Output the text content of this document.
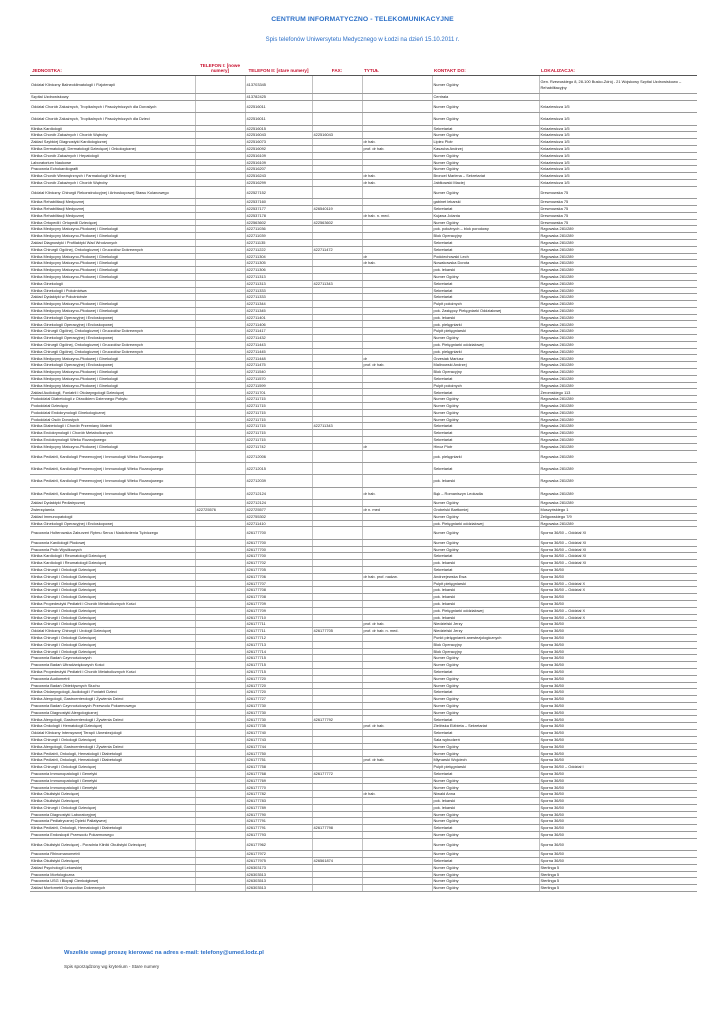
CENTRUM INFORMATYCZNO - TELEKOMUNIKACYJNE
Spis telefonów Uniwersytetu Medycznego w Łodzi na dzień 15.10.2011 r.
JEDNOSTKA:	TELEFON I: [nowe numery]	TELEFON II: [stare numery]	FAX:	TYTUŁ	KONTAKT DO:	LOKALIZACJA:
Oddział Kliniczny Balneoklimatologii i Fizjoterapii		413703345			Numer Ogólny	Gen. Rzewuskiego 8, 28-100 Busko-Zdrój - 21 Wojskowy Szpital Uzdrowiskowo – Rehabilitacyjny
Szpital Uzdrowiskowy		413782425			Centrala	
Oddział Chorób Zakaźnych, Tropikalnych i Pasożytniczych dla Dorosłych		422516011			Numer Ogólny	Kniaziewicza 1/5
Oddział Chorób Zakaźnych, Tropikalnych i Pasożytniczych dla Dzieci		422516011			Numer Ogólny	Kniaziewicza 1/5
Klinika Kardiologii		422516015			Sekretariat	Kniaziewicza 1/5
Klinika Chorób Zakaźnych i Chorób Wątroby		422516043	422516043		Numer Ogólny	Kniaziewicza 1/5
Zakład Szybkiej Diagnostyki Kardiologicznej		422516073		dr hab.	Lipiec Piotr	Kniaziewicza 1/5
Klinika Dermatologii, Dermatologii Dziecięcej i Onkologicznej		422516092		prof. dr hab.	Kaszuba Andrzej	Kniaziewicza 1/5
Klinika Chorób Zakaźnych i Hepatologii		422516109			Numer Ogólny	Kniaziewicza 1/5
Laboratorium Naukowe		422516109			Numer Ogólny	Kniaziewicza 1/5
Pracownia Echokardiografii		422516207			Numer Ogólny	Kniaziewicza 1/5
Klinika Chorób Wewnętrznych i Farmakologii Klinicznej		422516243		dr hab.	Broncel Marlena – Sekretariat	Kniaziewicza 1/5
Klinika Chorób Zakaźnych i Chorób Wątroby		422516299		dr hab.	Jabłkowski Maciej	Kniaziewicza 1/5
Oddział Kliniczny Chirurgii Rekonstrukcyjnej i Artroskopowej Stawu Kolanowego		422527152			Numer Ogólny	Drewnowska 75
Klinika Rehabilitacji Medycznej		422537160			gabinet lekarski	Drewnowska 75
Klinika Rehabilitacji Medycznej		422537177	426540119		Sekretariat	Drewnowska 75
Klinika Rehabilitacji Medycznej		422537178		dr hab. n. med.	Kujawa Jolanta	Drewnowska 75
Klinika Ortopedii i Ortopedii Dziecięcej		422563602	422563602		Numer Ogólny	Drewnowska 75
Klinika Medycyny Matczyno-Płodowej i Ginekologii		422711036			pok. położnych – blok porodowy	Rzgowska 281/289
Klinika Medycyny Matczyno-Płodowej i Ginekologii		422711039			Blok Operacyjny	Rzgowska 281/289
Zakład Diagnostyki i Profilaktyki Wad Wrodzonych		422711135			Sekretariat	Rzgowska 281/289
Klinika Chirurgii Ogólnej, Onkologicznej i Gruczołów Dokrewnych		422711222	422711472		Sekretariat	Rzgowska 281/289
Klinika Medycyny Matczyno-Płodowej i Ginekologii		422711304		dr	Podciechowski Lech	Rzgowska 281/289
Klinika Medycyny Matczyno-Płodowej i Ginekologii		422711305		dr hab.	Nowakowska Dorota	Rzgowska 281/289
Klinika Medycyny Matczyno-Płodowej i Ginekologii		422711306			pok. lekarski	Rzgowska 281/289
Klinika Medycyny Matczyno-Płodowej i Ginekologii		422711313			Numer Ogólny	Rzgowska 281/289
Klinika Ginekologii		422711313	422711343		Sekretariat	Rzgowska 281/289
Klinika Ginekologii i Położnictwa		422711333			Sekretariat	Rzgowska 281/289
Zakład Dydaktyki w Położnictwie		422711333			Sekretariat	Rzgowska 281/289
Klinika Medycyny Matczyno-Płodowej i Ginekologii		422711344			Pulpit położnych	Rzgowska 281/289
Klinika Medycyny Matczyno-Płodowej i Ginekologii		422711345			pok. Zastępcy Pielęgniarki Oddziałowej	Rzgowska 281/289
Klinika Ginekologii Operacyjnej i Endoskopowej		422711401			pok. lekarski	Rzgowska 281/289
Klinika Ginekologii Operacyjnej i Endoskopowej		422711406			pok. pielęgniarki	Rzgowska 281/289
Klinika Chirurgii Ogólnej, Onkologicznej i Gruczołów Dokrewnych		422711417			Pulpit pielęgniarski	Rzgowska 281/289
Klinika Ginekologii Operacyjnej i Endoskopowej		422711432			Numer Ogólny	Rzgowska 281/289
Klinika Chirurgii Ogólnej, Onkologicznej i Gruczołów Dokrewnych		422711443			pok. Pielęgniarki oddziałowej	Rzgowska 281/289
Klinika Chirurgii Ogólnej, Onkologicznej i Gruczołów Dokrewnych		422711445			pok. pielęgniarki	Rzgowska 281/289
Klinika Medycyny Matczyno-Płodowej i Ginekologii		422711448		dr	Grzesiak Mariusz	Rzgowska 281/289
Klinika Ginekologii Operacyjnej i Endoskopowej		422711475		prof. dr hab.	Malinowski Andrzej	Rzgowska 281/289
Klinika Medycyny Matczyno-Płodowej i Ginekologii		422711540			Blok Operacyjny	Rzgowska 281/289
Klinika Medycyny Matczyno-Płodowej i Ginekologii		422711570			Sekretariat	Rzgowska 281/289
Klinika Medycyny Matczyno-Płodowej i Ginekologii		422711599			Pulpit położnych	Rzgowska 281/289
Zakład Audiologii, Foniatrii i Otolaryngologii Dziecięcej		422711701			Sekretariat	Żeromskiego 113
Pododdział Diabetologii z Ośrodkiem Dziennego Pobytu		422711715			Numer Ogólny	Rzgowska 281/289
Pododdział Dziecięcy		422711715			Numer Ogólny	Rzgowska 281/289
Pododdział Endokrynologii Ginekologicznej		422711715			Numer Ogólny	Rzgowska 281/289
Pododdział Osób Dorosłych		422711715			Numer Ogólny	Rzgowska 281/289
Klinika Diabetologii i Chorób Przemiany Materii		422711715	422711343		Sekretariat	Rzgowska 281/289
Klinika Endokrynologii i Chorób Metabolicznych		422711715			Sekretariat	Rzgowska 281/289
Klinika Endokrynologii Wieku Rozwojowego		422711715			Sekretariat	Rzgowska 281/289
Klinika Medycyny Matczyno-Płodowej i Ginekologii		422711742		dr	Hincz Piotr	Rzgowska 281/289
Klinika Pediatrii, Kardiologii Prewencyjnej i Immunologii Wieku Rozwojowego		422712006			pok. pielęgniarki	Rzgowska 281/289
Klinika Pediatrii, Kardiologii Prewencyjnej i Immunologii Wieku Rozwojowego		422712015			Sekretariat	Rzgowska 281/289
Klinika Pediatrii, Kardiologii Prewencyjnej i Immunologii Wieku Rozwojowego		422712039			pok. lekarski	Rzgowska 281/289
Klinika Pediatrii, Kardiologii Prewencyjnej i Immunologii Wieku Rozwojowego		422712124		dr hab.	Bąk – Romaniszyn Leokadia	Rzgowska 281/289
Zakład Dydaktyki Pediatrycznej		422712124			Numer Ogólny	Rzgowska 281/289
Zwierzętarnia	422725576	422725577		dr n. med	Grobelski Bartłomiej	Muszyńskiego 1
Zakład Immunopatologii		422755302			Numer Ogólny	Żeligowskiego 7/9
Klinika Ginekologii Operacyjnej i Endoskopowej		422711410			pok. Pielęgniarki oddziałowej	Rzgowska 281/289
Pracownia Holterowska Zaburzeń Rytmu Serca i Nadciśnienia Tętniczego		426177700			Numer Ogólny	Sporna 36/50 – Oddział XI
Pracownia Kardiologii Płodowej		426177700			Numer Ogólny	Sporna 36/50 – Oddział XI
Pracownia Prób Wysiłkowych		426177700			Numer Ogólny	Sporna 36/50 – Oddział XI
Klinika Kardiologii i Reumatologii Dziecięcej		426177700			Sekretariat	Sporna 36/50 – Oddział XI
Klinika Kardiologii i Reumatologii Dziecięcej		426177702			pok. lekarski	Sporna 36/50 – Oddział XI
Klinika Chirurgii i Onkologii Dziecięcej		426177705			Sekretariat	Sporna 36/50
Klinika Chirurgii i Onkologii Dziecięcej		426177706		dr hab. prof. nadzw.	Andrzejewska Ewa	Sporna 36/50
Klinika Chirurgii i Onkologii Dziecięcej		426177707			Pulpit pielęgniarski	Sporna 36/50 – Oddział X
Klinika Chirurgii i Onkologii Dziecięcej		426177708			pok. lekarski	Sporna 36/50 – Oddział X
Klinika Chirurgii i Onkologii Dziecięcej		426177708			pok. lekarski	Sporna 36/50
Klinika Propedeutyki Pediatrii i Chorób Metabolicznych Kości		426177709			pok. lekarski	Sporna 36/50
Klinika Chirurgii i Onkologii Dziecięcej		426177709			pok. Pielęgniarki oddziałowej	Sporna 36/50 – Oddział X
Klinika Chirurgii i Onkologii Dziecięcej		426177710			pok. lekarski	Sporna 36/50 – Oddział X
Klinika Chirurgii i Onkologii Dziecięcej		426177711		prof. dr hab.	Niedzielski Jerzy	Sporna 36/50
Oddział Kliniczny Chirurgii i Urologii Dziecięcej		426177711	426177705	prof. dr hab. n. med.	Niedzielski Jerzy	Sporna 36/50
Klinika Chirurgii i Onkologii Dziecięcej		426177712			Punkt pielęgniarek anestezjologicznych	Sporna 36/50
Klinika Chirurgii i Onkologii Dziecięcej		426177713			Blok Operacyjny	Sporna 36/50
Klinika Chirurgii i Onkologii Dziecięcej		426177714			Blok Operacyjny	Sporna 36/50
Pracownia Badań Czynnościowych		426177715			Numer Ogólny	Sporna 36/50
Pracownia Badań Ultradźwiękowych Kości		426177715			Numer Ogólny	Sporna 36/50
Klinika Propedeutyki Pediatrii i Chorób Metabolicznych Kości		426177715			Sekretariat	Sporna 36/50
Pracownia Audiometrii		426177720			Numer Ogólny	Sporna 36/50
Pracownia Badań Obiektywnych Słuchu		426177720			Numer Ogólny	Sporna 36/50
Klinika Otolaryngologii, Audiologii i Foniatrii Dzieci		426177720			Sekretariat	Sporna 36/50
Klinika Alergologii, Gastroenterologii i Żywienia Dzieci		426177727			Numer Ogólny	Sporna 36/50
Pracownia Badań Czynnościowych Przewodu Pokarmowego		426177730			Numer Ogólny	Sporna 36/50
Pracownia Diagnostyki Alergologicznej		426177730			Numer Ogólny	Sporna 36/50
Klinika Alergologii, Gastroenterologii i Żywienia Dzieci		426177730	426177792		Sekretariat	Sporna 36/50
Klinika Onkologii i Hematologii Dziecięcej		426177735		prof. dr hab.	Zielińska Elżbieta – Sekretariat	Sporna 36/50
Oddział Kliniczny Intensywnej Terapii i Anestezjologii		426177740			Sekretariat	Sporna 36/50
Klinika Chirurgii i Onkologii Dziecięcej		426177743			Sala wybudzeń	Sporna 36/50
Klinika Alergologii, Gastroenterologii i Żywienia Dzieci		426177744			Numer Ogólny	Sporna 36/50
Klinika Pediatrii, Onkologii, Hematologii i Diabetologii		426177750			Numer Ogólny	Sporna 36/50
Klinika Pediatrii, Onkologii, Hematologii i Diabetologii		426177751		prof. dr hab.	Młynarski Wojciech	Sporna 36/50
Klinika Chirurgii i Onkologii Dziecięcej		426177758			Pulpit pielęgniarski	Sporna 36/50 – Oddział I
Pracownia Immunopatologii i Genetyki		426177768	426177772		Sekretariat	Sporna 36/50
Pracownia Immunopatologii i Genetyki		426177769			Numer Ogólny	Sporna 36/50
Pracownia Immunopatologii i Genetyki		426177770			Numer Ogólny	Sporna 36/50
Klinika Okulistyki Dziecięcej		426177782		dr hab.	Niwald Anna	Sporna 36/50
Klinika Okulistyki Dziecięcej		426177783			pok. lekarski	Sporna 36/50
Klinika Chirurgii i Onkologii Dziecięcej		426177789			pok. lekarski	Sporna 36/50
Pracownia Diagnostyki Laboratoryjnej		426177790			Numer Ogólny	Sporna 36/50
Pracownia Pediatrycznej Opieki Paliatywnej		426177791			Numer Ogólny	Sporna 36/50
Klinika Pediatrii, Onkologii, Hematologii i Diabetologii		426177791	426177798		Sekretariat	Sporna 36/50
Pracownia Endoskopii Przewodu Pokarmowego		426177793			Numer Ogólny	Sporna 36/50
Klinika Okulistyki Dziecięcej - Poradnia Kliniki Okulistyki Dziecięcej		426177962			Numer Ogólny	Sporna 36/50
Pracownia Rhinomanometrii		426177972			Numer Ogólny	Sporna 36/50
Klinika Okulistyki Dziecięcej		426177975	426561874		Sekretariat	Sporna 36/50
Zakład Psychologii Lekarskiej		426303173			Numer Ogólny	Sterlinga 5
Pracownia Morfologiczna		426303513			Numer Ogólny	Sterlinga 5
Pracownia USG i Biopsji Cienkoigłowej		426303513			Numer Ogólny	Sterlinga 5
Zakład Morfometrii Gruczołów Dokrewnych		426303513			Numer Ogólny	Sterlinga 5
Wszelkie uwagi proszę kierować na adres e-mail: telefony@umed.lodz.pl
Spis sporządzony wg kryterium - Stare numery
